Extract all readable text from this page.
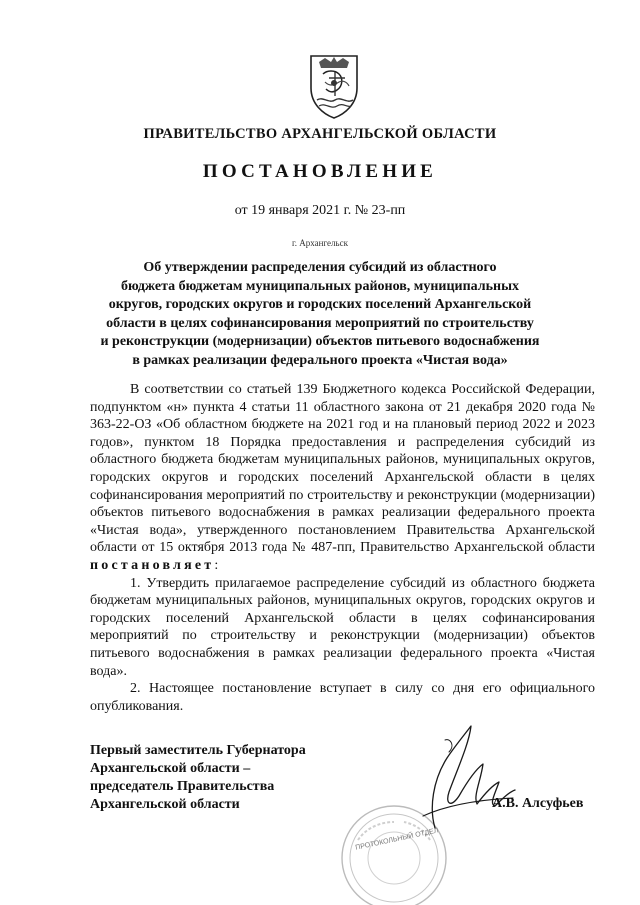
ПРАВИТЕЛЬСТВО АРХАНГЕЛЬСКОЙ ОБЛАСТИ
ПОСТАНОВЛЕНИЕ
от 19 января 2021 г. № 23-пп
г. Архангельск
Об утверждении распределения субсидий из областного
бюджета бюджетам муниципальных районов, муниципальных
округов, городских округов и городских поселений Архангельской
области в целях софинансирования мероприятий по строительству
и реконструкции (модернизации) объектов питьевого водоснабжения
в рамках реализации федерального проекта «Чистая вода»

В соответствии со статьей 139 Бюджетного кодекса Российской Федерации, подпунктом «н» пункта 4 статьи 11 областного закона от 21 декабря 2020 года № 363-22-ОЗ «Об областном бюджете на 2021 год и на плановый период 2022 и 2023 годов», пунктом 18 Порядка предоставления и распределения субсидий из областного бюджета бюджетам муниципальных районов, муниципальных округов, городских округов и городских поселений Архангельской области в целях софинансирования мероприятий по строительству и реконструкции (модернизации) объектов питьевого водоснабжения в рамках реализации федерального проекта «Чистая вода», утвержденного постановлением Правительства Архангельской области от 15 октября 2013 года № 487-пп, Правительство Архангельской области постановляет:

1. Утвердить прилагаемое распределение субсидий из областного бюджета бюджетам муниципальных районов, муниципальных округов, городских округов и городских поселений Архангельской области в целях софинансирования мероприятий по строительству и реконструкции (модернизации) объектов питьевого водоснабжения в рамках реализации федерального проекта «Чистая вода».

2. Настоящее постановление вступает в силу со дня его официального опубликования.

Первый заместитель Губернатора
Архангельской области –
председатель Правительства
Архангельской области
ПРОТОКОЛЬНЫЙ ОТДЕЛ
А.В. Алсуфьев
